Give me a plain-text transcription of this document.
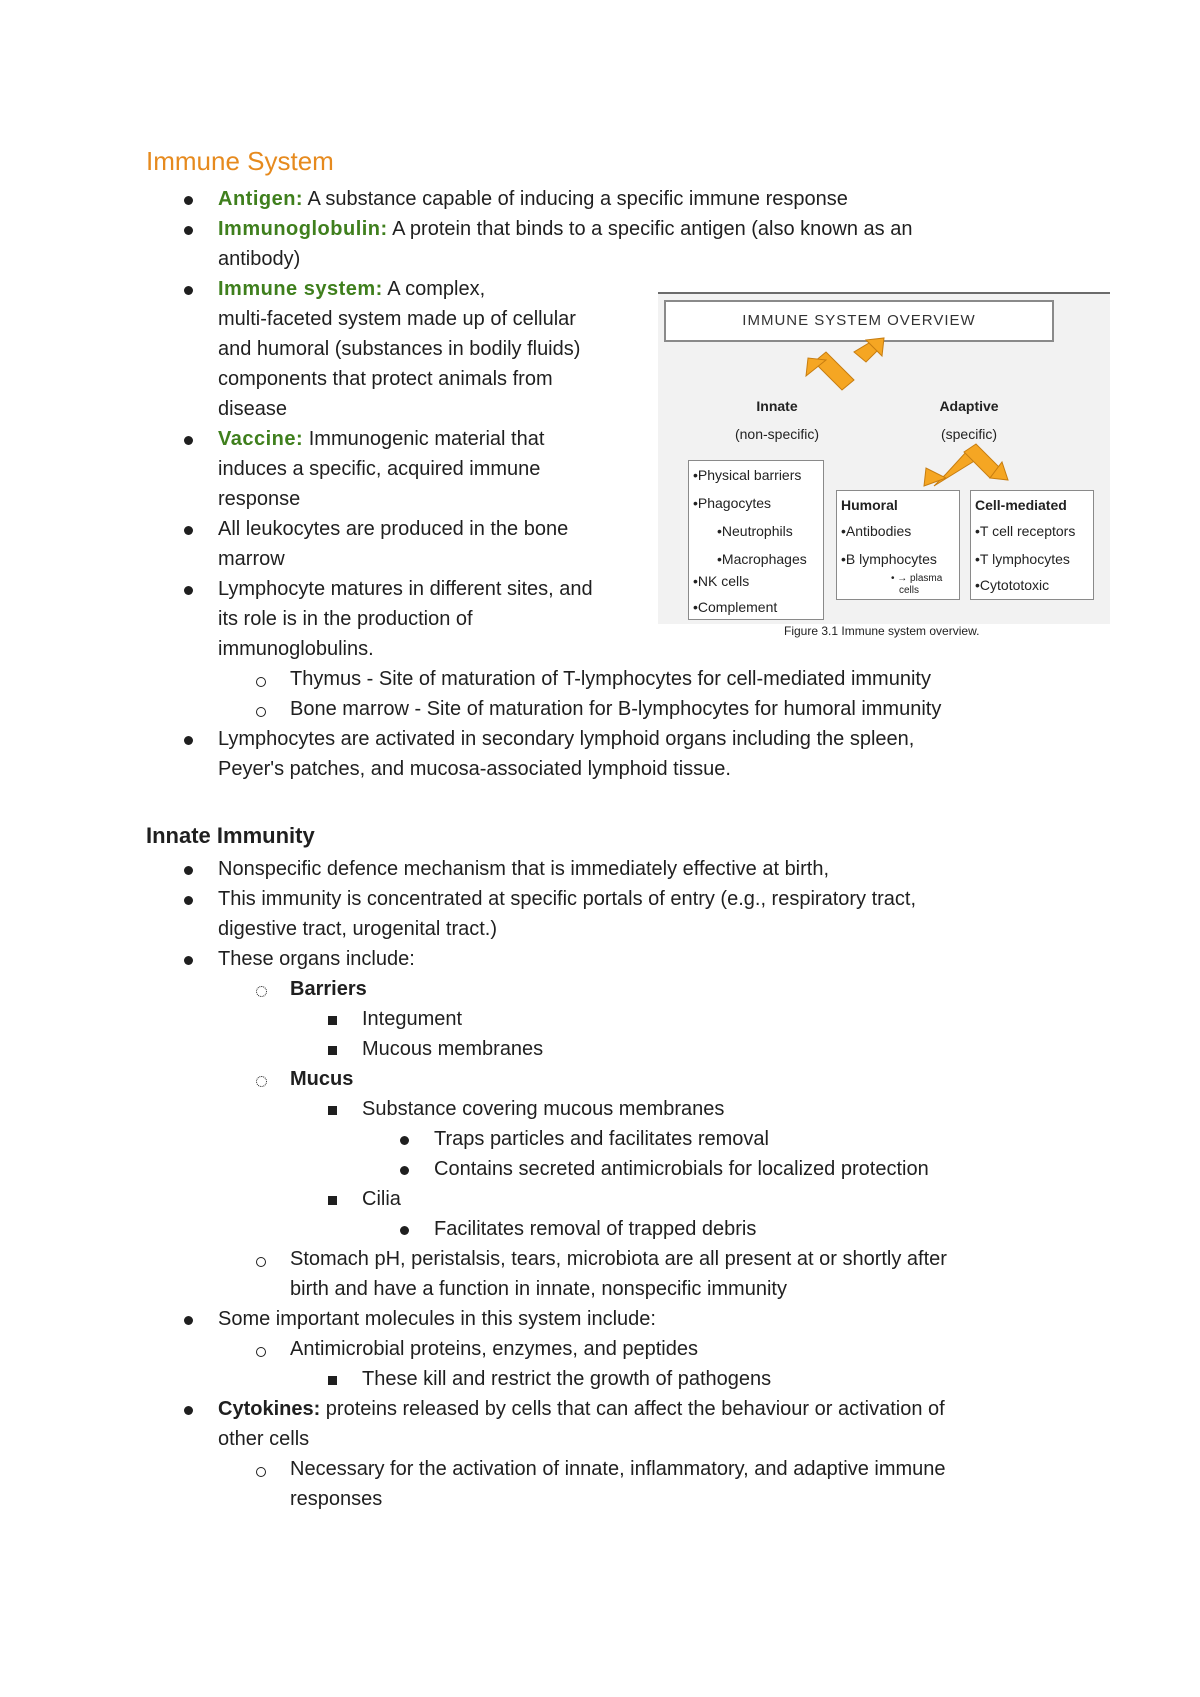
Immune System
Antigen: A substance capable of inducing a specific immune response
Immunoglobulin: A protein that binds to a specific antigen (also known as an
antibody)
Immune system: A complex,
multi-faceted system made up of cellular
and humoral (substances in bodily fluids)
components that protect animals from
disease
Vaccine: Immunogenic material that
induces a specific, acquired immune
response
All leukocytes are produced in the bone
marrow
Lymphocyte matures in different sites, and
its role is in the production of
immunoglobulins.
Thymus - Site of maturation of T-lymphocytes for cell-mediated immunity
Bone marrow - Site of maturation for B-lymphocytes for humoral immunity
Lymphocytes are activated in secondary lymphoid organs including the spleen,
Peyer's patches, and mucosa-associated lymphoid tissue.
IMMUNE SYSTEM OVERVIEW
Innate
(non-specific)
Adaptive
(specific)
•Physical barriers
•Phagocytes
•Neutrophils
•Macrophages
•NK cells
•Complement
Humoral
•Antibodies
•B lymphocytes
• → plasma
cells
Cell-mediated
•T cell receptors
•T lymphocytes
•Cytototoxic
Figure 3.1 Immune system overview.
Innate Immunity
Nonspecific defence mechanism that is immediately effective at birth,
This immunity is concentrated at specific portals of entry (e.g., respiratory tract,
digestive tract, urogenital tract.)
These organs include:
Barriers
Integument
Mucous membranes
Mucus
Substance covering mucous membranes
Traps particles and facilitates removal
Contains secreted antimicrobials for localized protection
Cilia
Facilitates removal of trapped debris
Stomach pH, peristalsis, tears, microbiota are all present at or shortly after
birth and have a function in innate, nonspecific immunity
Some important molecules in this system include:
Antimicrobial proteins, enzymes, and peptides
These kill and restrict the growth of pathogens
Cytokines: proteins released by cells that can affect the behaviour or activation of
other cells
Necessary for the activation of innate, inflammatory, and adaptive immune
responses
